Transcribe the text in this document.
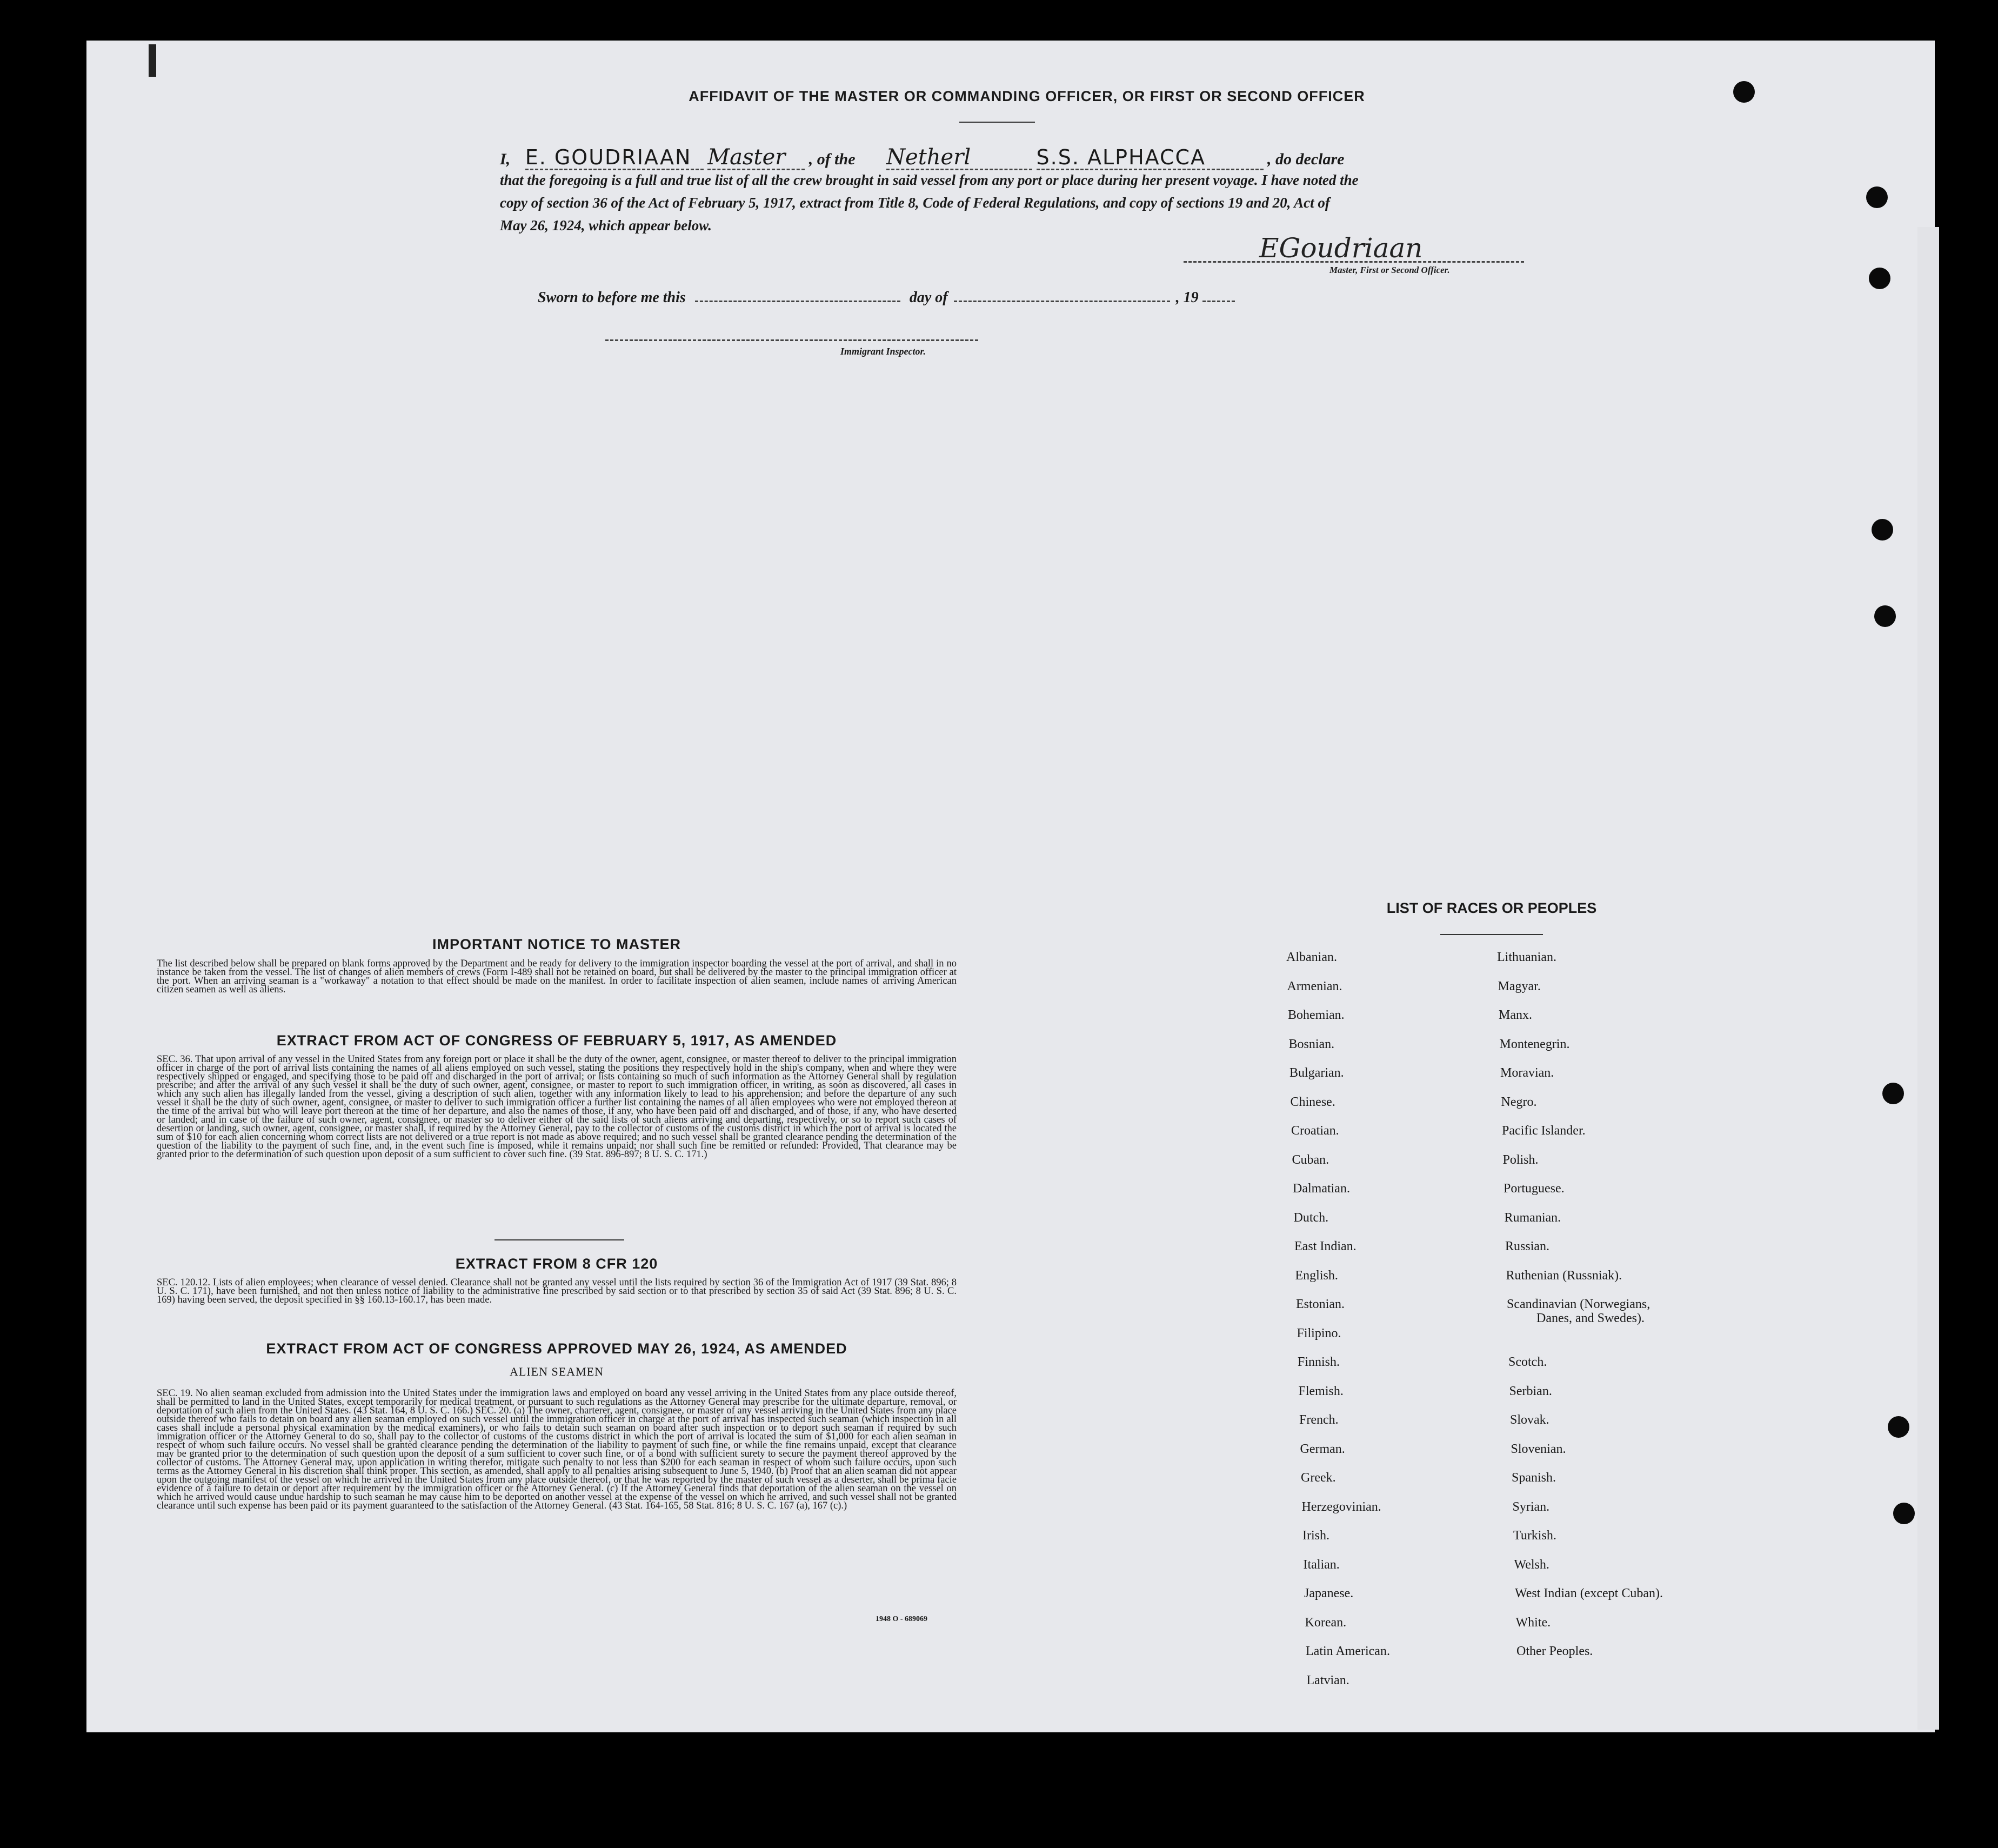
AFFIDAVIT OF THE MASTER OR COMMANDING OFFICER, OR FIRST OR SECOND OFFICER
I, E. GOUDRIAAN Master , of the Netherl	S.S. ALPHACCA	, do declare
that the foregoing is a full and true list of all the crew brought in said vessel from any port or place during her present voyage. I have noted the
copy of section 36 of the Act of February 5, 1917, extract from Title 8, Code of Federal Regulations, and copy of sections 19 and 20, Act of
May 26, 1924, which appear below.
EGoudriaan
Master, First or Second Officer.
Sworn to before me this	day of	, 19
Immigrant Inspector.
IMPORTANT NOTICE TO MASTER
The list described below shall be prepared on blank forms approved by the Department and be ready for delivery to the immigration inspector boarding the vessel at the port of arrival, and shall in no instance be taken from the vessel. The list of changes of alien members of crews (Form I-489 shall not be retained on board, but shall be delivered by the master to the principal immigration officer at the port. When an arriving seaman is a "workaway" a notation to that effect should be made on the manifest. In order to facilitate inspection of alien seamen, include names of arriving American citizen seamen as well as aliens.
EXTRACT FROM ACT OF CONGRESS OF FEBRUARY 5, 1917, AS AMENDED
SEC. 36. That upon arrival of any vessel in the United States from any foreign port or place it shall be the duty of the owner, agent, consignee, or master thereof to deliver to the principal immigration officer in charge of the port of arrival lists containing the names of all aliens employed on such vessel, stating the positions they respectively hold in the ship's company, when and where they were respectively shipped or engaged, and specifying those to be paid off and discharged in the port of arrival; or lists containing so much of such information as the Attorney General shall by regulation prescribe; and after the arrival of any such vessel it shall be the duty of such owner, agent, consignee, or master to report to such immigration officer, in writing, as soon as discovered, all cases in which any such alien has illegally landed from the vessel, giving a description of such alien, together with any information likely to lead to his apprehension; and before the departure of any such vessel it shall be the duty of such owner, agent, consignee, or master to deliver to such immigration officer a further list containing the names of all alien employees who were not employed thereon at the time of the arrival but who will leave port thereon at the time of her departure, and also the names of those, if any, who have been paid off and discharged, and of those, if any, who have deserted or landed; and in case of the failure of such owner, agent, consignee, or master so to deliver either of the said lists of such aliens arriving and departing, respectively, or so to report such cases of desertion or landing, such owner, agent, consignee, or master shall, if required by the Attorney General, pay to the collector of customs of the customs district in which the port of arrival is located the sum of $10 for each alien concerning whom correct lists are not delivered or a true report is not made as above required; and no such vessel shall be granted clearance pending the determination of the question of the liability to the payment of such fine, and, in the event such fine is imposed, while it remains unpaid; nor shall such fine be remitted or refunded: Provided, That clearance may be granted prior to the determination of such question upon deposit of a sum sufficient to cover such fine. (39 Stat. 896-897; 8 U. S. C. 171.)
EXTRACT FROM 8 CFR 120
SEC. 120.12. Lists of alien employees; when clearance of vessel denied. Clearance shall not be granted any vessel until the lists required by section 36 of the Immigration Act of 1917 (39 Stat. 896; 8 U. S. C. 171), have been furnished, and not then unless notice of liability to the administrative fine prescribed by said section or to that prescribed by section 35 of said Act (39 Stat. 896; 8 U. S. C. 169) having been served, the deposit specified in §§ 160.13-160.17, has been made.
EXTRACT FROM ACT OF CONGRESS APPROVED MAY 26, 1924, AS AMENDED
ALIEN SEAMEN
SEC. 19. No alien seaman excluded from admission into the United States under the immigration laws and employed on board any vessel arriving in the United States from any place outside thereof, shall be permitted to land in the United States, except temporarily for medical treatment, or pursuant to such regulations as the Attorney General may prescribe for the ultimate departure, removal, or deportation of such alien from the United States. (43 Stat. 164, 8 U. S. C. 166.) SEC. 20. (a) The owner, charterer, agent, consignee, or master of any vessel arriving in the United States from any place outside thereof who fails to detain on board any alien seaman employed on such vessel until the immigration officer in charge at the port of arrival has inspected such seaman (which inspection in all cases shall include a personal physical examination by the medical examiners), or who fails to detain such seaman on board after such inspection or to deport such seaman if required by such immigration officer or the Attorney General to do so, shall pay to the collector of customs of the customs district in which the port of arrival is located the sum of $1,000 for each alien seaman in respect of whom such failure occurs. No vessel shall be granted clearance pending the determination of the liability to payment of such fine, or while the fine remains unpaid, except that clearance may be granted prior to the determination of such question upon the deposit of a sum sufficient to cover such fine, or of a bond with sufficient surety to secure the payment thereof approved by the collector of customs. The Attorney General may, upon application in writing therefor, mitigate such penalty to not less than $200 for each seaman in respect of whom such failure occurs, upon such terms as the Attorney General in his discretion shall think proper. This section, as amended, shall apply to all penalties arising subsequent to June 5, 1940. (b) Proof that an alien seaman did not appear upon the outgoing manifest of the vessel on which he arrived in the United States from any place outside thereof, or that he was reported by the master of such vessel as a deserter, shall be prima facie evidence of a failure to detain or deport after requirement by the immigration officer or the Attorney General. (c) If the Attorney General finds that deportation of the alien seaman on the vessel on which he arrived would cause undue hardship to such seaman he may cause him to be deported on another vessel at the expense of the vessel on which he arrived, and such vessel shall not be granted clearance until such expense has been paid or its payment guaranteed to the satisfaction of the Attorney General. (43 Stat. 164-165, 58 Stat. 816; 8 U. S. C. 167 (a), 167 (c).)
1948 O - 689069
LIST OF RACES OR PEOPLES
Albanian.
Armenian.
Bohemian.
Bosnian.
Bulgarian.
Chinese.
Croatian.
Cuban.
Dalmatian.
Dutch.
East Indian.
English.
Estonian.
Filipino.
Finnish.
Flemish.
French.
German.
Greek.
Herzegovinian.
Irish.
Italian.
Japanese.
Korean.
Latin American.
Latvian.
Lithuanian.
Magyar.
Manx.
Montenegrin.
Moravian.
Negro.
Pacific Islander.
Polish.
Portuguese.
Rumanian.
Russian.
Ruthenian (Russniak).
Scandinavian (Norwegians,
Danes, and Swedes).
Scotch.
Serbian.
Slovak.
Slovenian.
Spanish.
Syrian.
Turkish.
Welsh.
West Indian (except Cuban).
White.
Other Peoples.
